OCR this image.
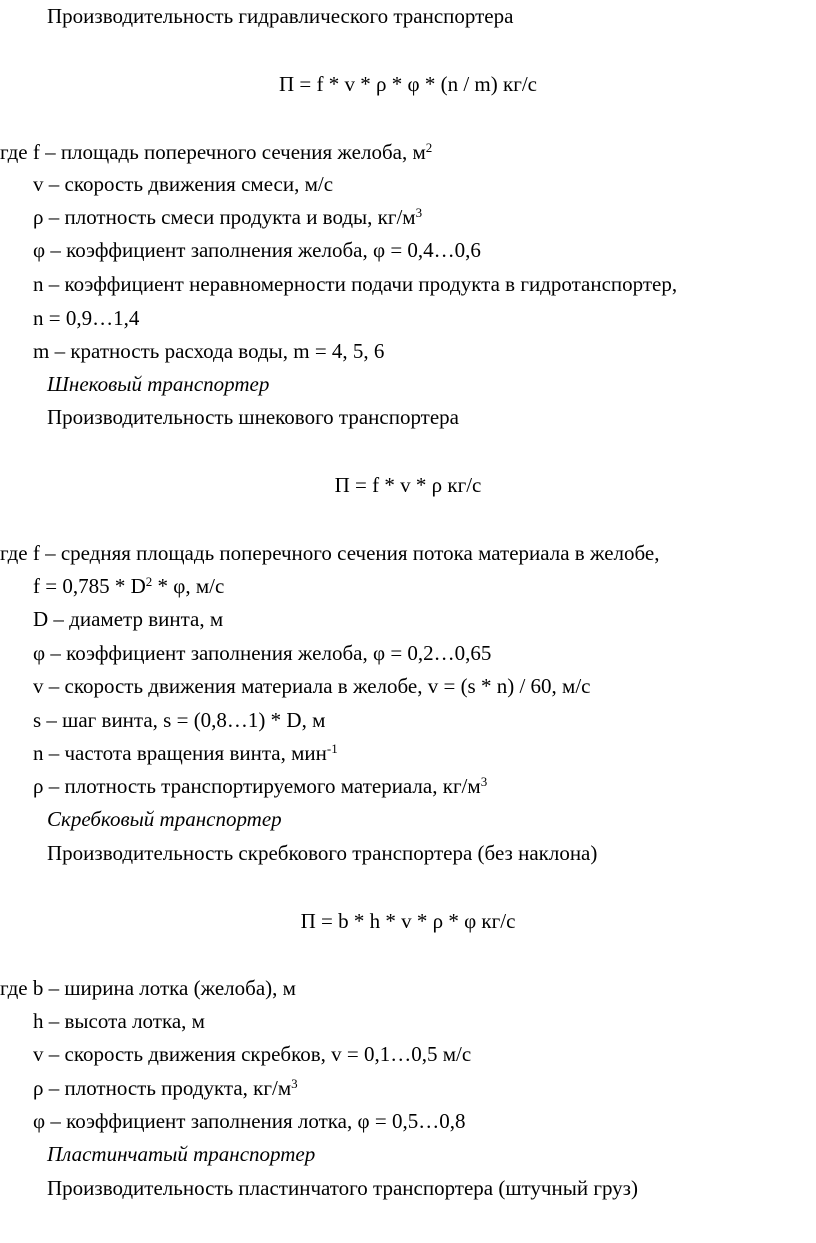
Производительность гидравлического транспортера
П = f * v * ρ * φ * (n / m) кг/с
где f – площадь поперечного сечения желоба, $м^2$
v – скорость движения смеси, м/с
ρ – плотность смеси продукта и воды, $кг/м^3$
φ – коэффициент заполнения желоба, φ = 0,4…0,6
n – коэффициент неравномерности подачи продукта в гидротанспортер,
n = 0,9…1,4
m – кратность расхода воды, m = 4, 5, 6
Шнековый транспортер
Производительность шнекового транспортера
П = f * v * ρ кг/с
где f – средняя площадь поперечного сечения потока материала в желобе,
$f = 0,785 * D^2 * \varphi$, м/с
D – диаметр винта, м
φ – коэффициент заполнения желоба, φ = 0,2…0,65
v – скорость движения материала в желобе, v = (s * n) / 60, м/с
s – шаг винта, s = (0,8…1) * D, м
n – частота вращения винта, мин$^{-1}$
ρ – плотность транспортируемого материала, $кг/м^3$
Скребковый транспортер
Производительность скребкового транспортера (без наклона)
П = b * h * v * ρ * φ кг/с
где b – ширина лотка (желоба), м
h – высота лотка, м
v – скорость движения скребков, v = 0,1…0,5 м/с
ρ – плотность продукта, $кг/м^3$
φ – коэффициент заполнения лотка, φ = 0,5…0,8
Пластинчатый транспортер
Производительность пластинчатого транспортера (штучный груз)
